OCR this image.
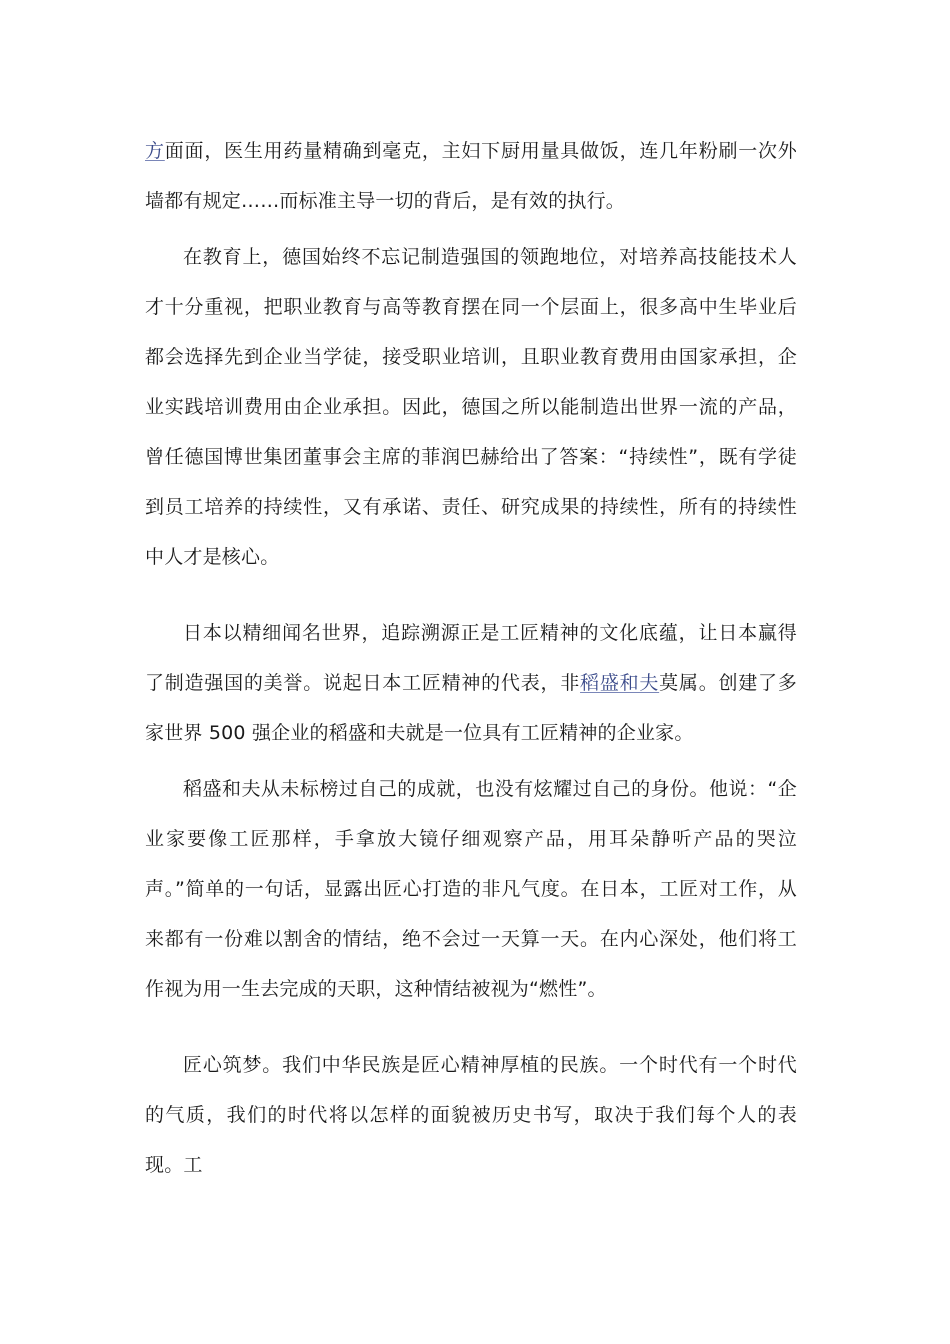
方面面，医生用药量精确到毫克，主妇下厨用量具做饭，连几年粉刷一次外墙都有规定……而标准主导一切的背后，是有效的执行。

在教育上，德国始终不忘记制造强国的领跑地位，对培养高技能技术人才十分重视，把职业教育与高等教育摆在同一个层面上，很多高中生毕业后都会选择先到企业当学徒，接受职业培训，且职业教育费用由国家承担，企业实践培训费用由企业承担。因此，德国之所以能制造出世界一流的产品，曾任德国博世集团董事会主席的菲润巴赫给出了答案：“持续性”，既有学徒到员工培养的持续性，又有承诺、责任、研究成果的持续性，所有的持续性中人才是核心。

日本以精细闻名世界，追踪溯源正是工匠精神的文化底蕴，让日本赢得了制造强国的美誉。说起日本工匠精神的代表，非稻盛和夫莫属。创建了多家世界 500 强企业的稻盛和夫就是一位具有工匠精神的企业家。

稻盛和夫从未标榜过自己的成就，也没有炫耀过自己的身份。他说：“企业家要像工匠那样，手拿放大镜仔细观察产品，用耳朵静听产品的哭泣声。”简单的一句话，显露出匠心打造的非凡气度。在日本，工匠对工作，从来都有一份难以割舍的情结，绝不会过一天算一天。在内心深处，他们将工作视为用一生去完成的天职，这种情结被视为“燃性”。

匠心筑梦。我们中华民族是匠心精神厚植的民族。一个时代有一个时代的气质，我们的时代将以怎样的面貌被历史书写，取决于我们每个人的表现。工
